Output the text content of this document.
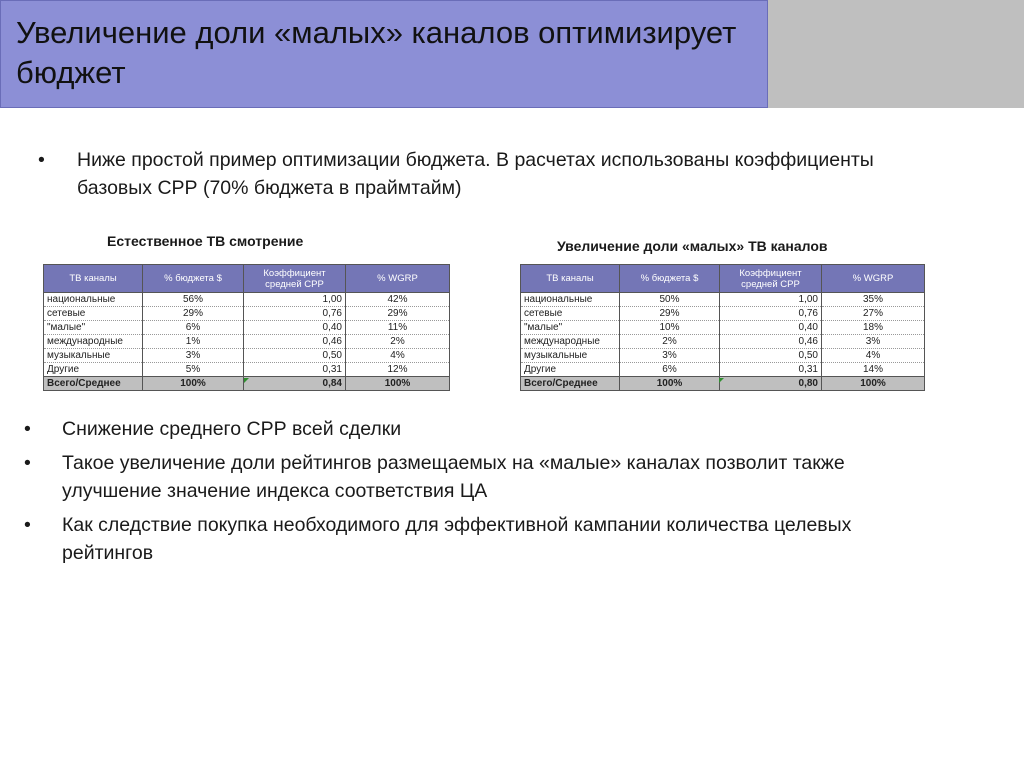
Увеличение доли «малых» каналов оптимизирует бюджет
• Ниже простой пример оптимизации бюджета. В расчетах использованы коэффициенты базовых СРР (70% бюджета в праймтайм)

Естественное ТВ смотрение

ТВ каналы	% бюджета $	Коэффициент средней СРР	% WGRP
национальные	56%	1,00	42%
сетевые	29%	0,76	29%
"малые"	6%	0,40	11%
международные	1%	0,46	2%
музыкальные	3%	0,50	4%
Другие	5%	0,31	12%
Всего/Среднее	100%	0,84	100%

Увеличение доли «малых» ТВ каналов

ТВ каналы	% бюджета $	Коэффициент средней СРР	% WGRP
национальные	50%	1,00	35%
сетевые	29%	0,76	27%
"малые"	10%	0,40	18%
международные	2%	0,46	3%
музыкальные	3%	0,50	4%
Другие	6%	0,31	14%
Всего/Среднее	100%	0,80	100%
• Снижение среднего СРР всей сделки
• Такое увеличение доли рейтингов размещаемых на «малые» каналах позволит также улучшение значение индекса соответствия ЦА
• Как следствие покупка необходимого для эффективной кампании количества целевых рейтингов
